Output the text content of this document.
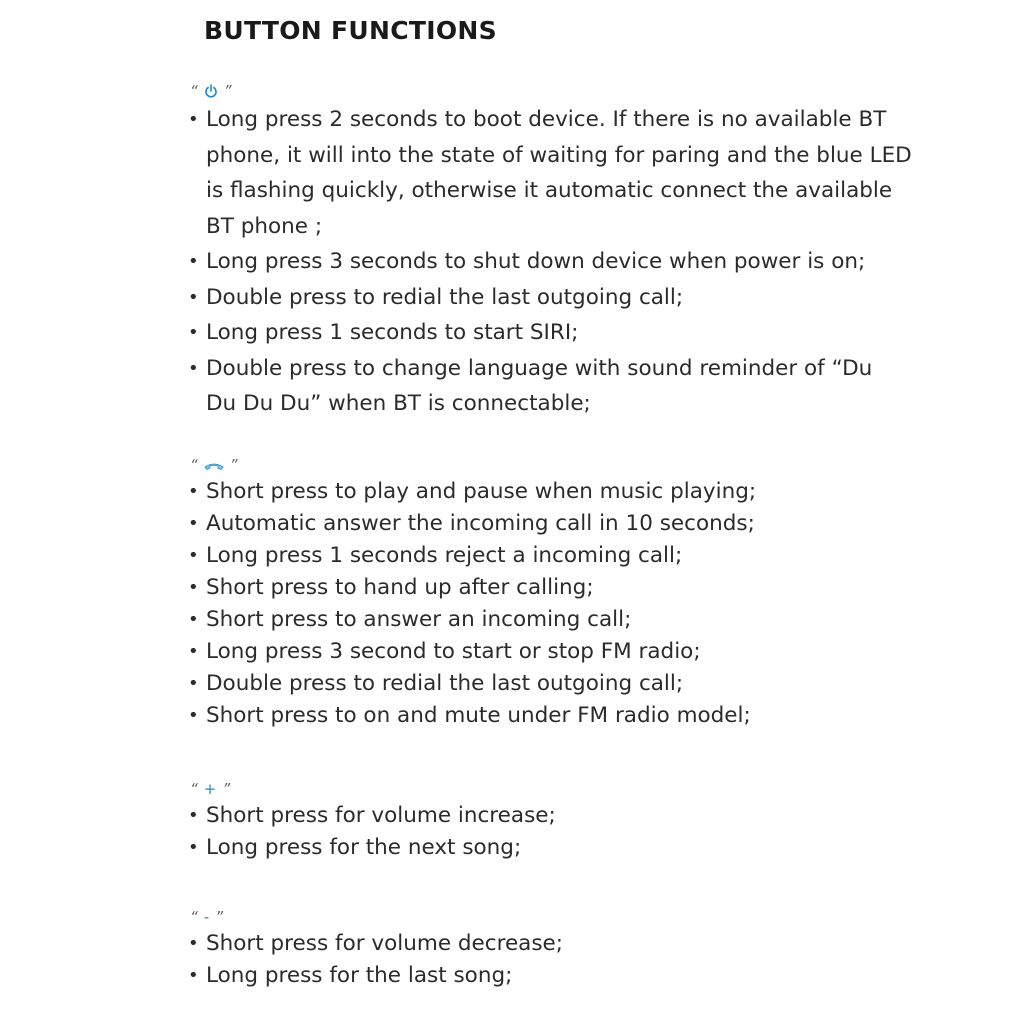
BUTTON FUNCTIONS
“ ”
• Long press 2 seconds to boot device. If there is no available BT
phone, it will into the state of waiting for paring and the blue LED
is flashing quickly, otherwise it automatic connect the available
BT phone ;
• Long press 3 seconds to shut down device when power is on;
• Double press to redial the last outgoing call;
• Long press 1 seconds to start SIRI;
• Double press to change language with sound reminder of “Du
Du Du Du” when BT is connectable;
“ ”
• Short press to play and pause when music playing;
• Automatic answer the incoming call in 10 seconds;
• Long press 1 seconds reject a incoming call;
• Short press to hand up after calling;
• Short press to answer an incoming call;
• Long press 3 second to start or stop FM radio;
• Double press to redial the last outgoing call;
• Short press to on and mute under FM radio model;
“ + ”
• Short press for volume increase;
• Long press for the next song;
“ - ”
• Short press for volume decrease;
• Long press for the last song;
